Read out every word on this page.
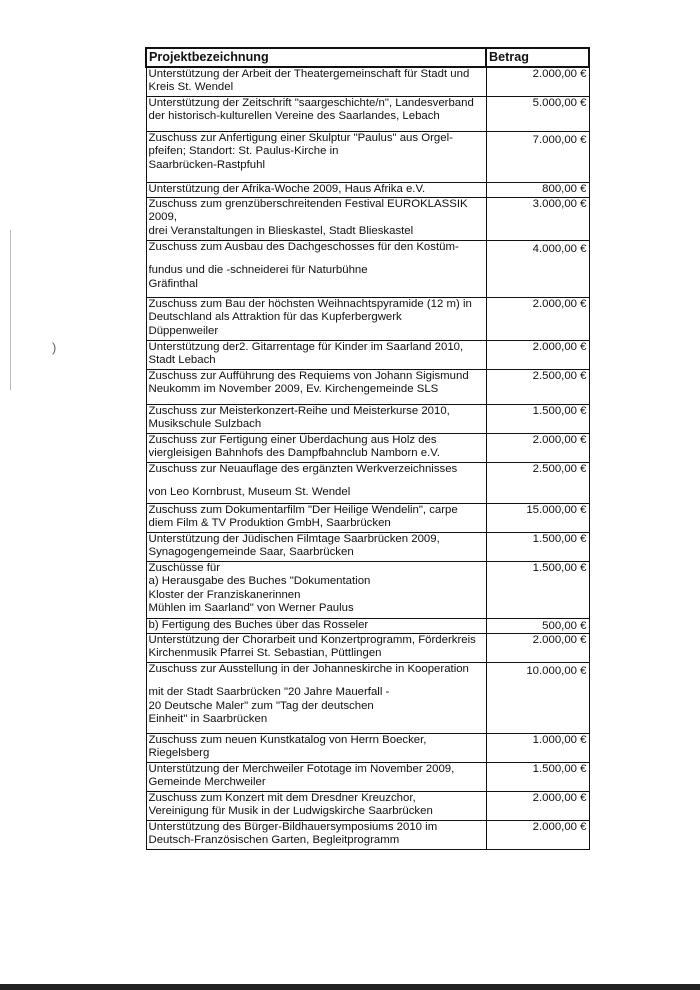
)
Projektbezeichnung	Betrag

Unterstützung der Arbeit der Theatergemeinschaft für Stadt und
Kreis St. Wendel	2.000,00 €

Unterstützung der Zeitschrift "saargeschichte/n", Landesverband
der historisch-kulturellen Vereine des Saarlandes, Lebach	5.000,00 €

Zuschuss zur Anfertigung einer Skulptur "Paulus" aus Orgel-
pfeifen; Standort: St. Paulus-Kirche in
Saarbrücken-Rastpfuhl	7.000,00 €

Unterstützung der Afrika-Woche 2009, Haus Afrika e.V.	800,00 €

Zuschuss zum grenzüberschreitenden Festival EUROKLASSIK
2009,
drei Veranstaltungen in Blieskastel, Stadt Blieskastel	3.000,00 €

Zuschuss zum Ausbau des Dachgeschosses für den Kostüm-
fundus und die -schneiderei für Naturbühne
Gräfinthal	4.000,00 €

Zuschuss zum Bau der höchsten Weihnachtspyramide (12 m) in
Deutschland als Attraktion für das Kupferbergwerk
Düppenweiler	2.000,00 €

Unterstützung der2. Gitarrentage für Kinder im Saarland 2010,
Stadt Lebach	2.000,00 €

Zuschuss zur Aufführung des Requiems von Johann Sigismund
Neukomm im November 2009, Ev. Kirchengemeinde SLS	2.500,00 €

Zuschuss zur Meisterkonzert-Reihe und Meisterkurse 2010,
Musikschule Sulzbach	1.500,00 €

Zuschuss zur Fertigung einer Überdachung aus Holz des
viergleisigen Bahnhofs des Dampfbahnclub Namborn e.V.	2.000,00 €

Zuschuss zur Neuauflage des ergänzten Werkverzeichnisses
von Leo Kornbrust, Museum St. Wendel	2.500,00 €

Zuschuss zum Dokumentarfilm "Der Heilige Wendelin", carpe
diem Film & TV Produktion GmbH, Saarbrücken	15.000,00 €

Unterstützung der Jüdischen Filmtage Saarbrücken 2009,
Synagogengemeinde Saar, Saarbrücken	1.500,00 €

Zuschüsse für
a) Herausgabe des Buches "Dokumentation
Kloster der Franziskanerinnen
Mühlen im Saarland" von Werner Paulus	1.500,00 €

b) Fertigung des Buches über das Rosseler	500,00 €

Unterstützung der Chorarbeit und Konzertprogramm, Förderkreis
Kirchenmusik Pfarrei St. Sebastian, Püttlingen	2.000,00 €

Zuschuss zur Ausstellung in der Johanneskirche in Kooperation
mit der Stadt Saarbrücken "20 Jahre Mauerfall -
20 Deutsche Maler" zum "Tag der deutschen
Einheit" in Saarbrücken	10.000,00 €

Zuschuss zum neuen Kunstkatalog von Herrn Boecker,
Riegelsberg	1.000,00 €

Unterstützung der Merchweiler Fototage im November 2009,
Gemeinde Merchweiler	1.500,00 €

Zuschuss zum Konzert mit dem Dresdner Kreuzchor,
Vereinigung für Musik in der Ludwigskirche Saarbrücken	2.000,00 €

Unterstützung des Bürger-Bildhauersymposiums 2010 im
Deutsch-Französischen Garten, Begleitprogramm	2.000,00 €
